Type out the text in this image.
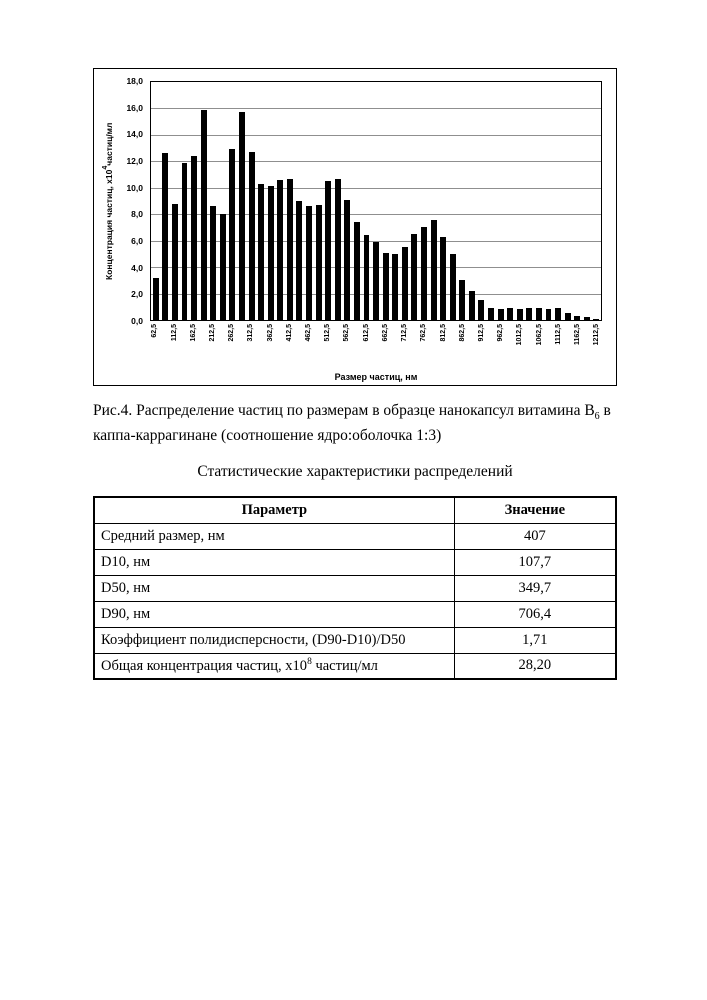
Концентрация частиц, $х10^4частиц/мл$
0,0
2,0
4,0
6,0
8,0
10,0
12,0
14,0
16,0
18,0
62,5 112,5 162,5 212,5 262,5 312,5 362,5 412,5 462,5 512,5 562,5 612,5 662,5 712,5 762,5 812,5 862,5 912,5 962,5 1012,5 1062,5 1112,5 1162,5 1212,5
Размер частиц, нм

Рис.4. Распределение частиц по размерам в образце нанокапсул витамина $В_6$ в каппа-каррагинане (соотношение ядро:оболочка 1:3)

Статистические характеристики распределений
Параметр	Значение
Средний размер, нм	407
D10, нм	107,7
D50, нм	349,7
D90, нм	706,4
Коэффициент полидисперсности, (D90-D10)/D50	1,71
Общая концентрация частиц, $х10^8$ частиц/мл	28,20
